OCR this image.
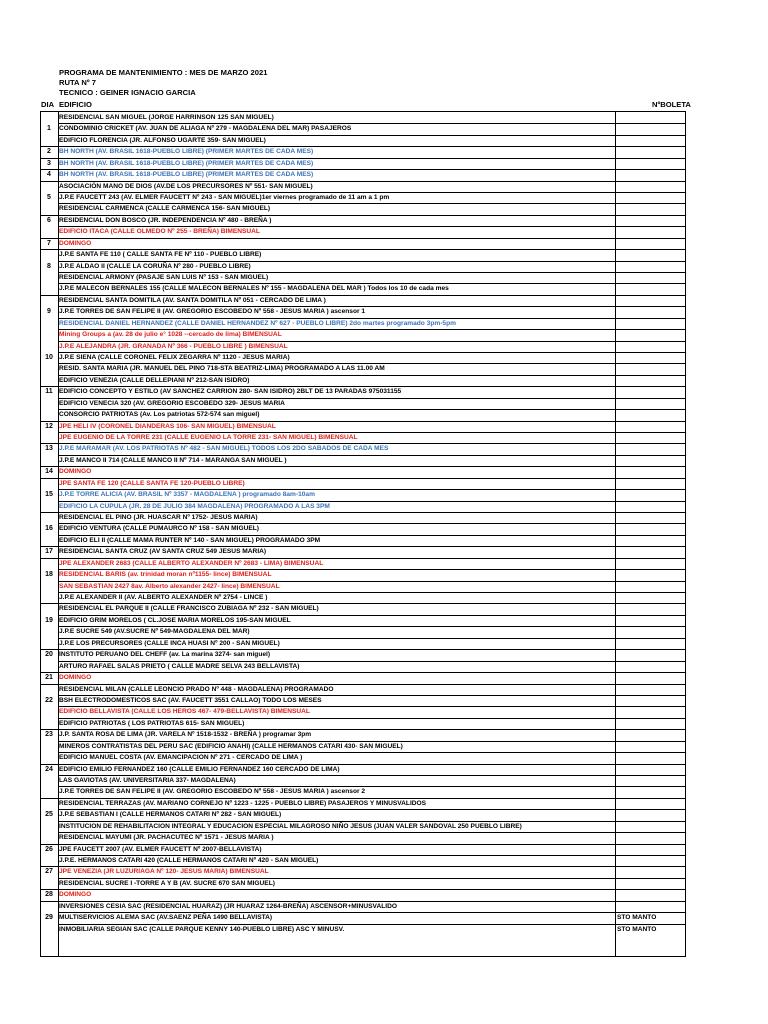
PROGRAMA DE MANTENIMIENTO : MES DE MARZO 2021
RUTA Nº 7
TECNICO : GEINER IGNACIO GARCIA
DIA EDIFICIO	NºBOLETA
RESIDENCIAL SAN MIGUEL (JORGE HARRINSON 125 SAN MIGUEL)
1	CONDOMINIO CRICKET (AV. JUAN DE ALIAGA Nº 279 - MAGDALENA DEL MAR) PASAJEROS
EDIFICIO FLORENCIA (JR. ALFONSO UGARTE 359- SAN MIGUEL)
2	BH NORTH (AV. BRASIL 1618-PUEBLO LIBRE) (PRIMER MARTES DE CADA MES)
3	BH NORTH (AV. BRASIL 1618-PUEBLO LIBRE) (PRIMER MARTES DE CADA MES)
4	BH NORTH (AV. BRASIL 1618-PUEBLO LIBRE) (PRIMER MARTES DE CADA MES)
ASOCIACIÓN MANO DE DIOS (AV.DE LOS PRECURSORES Nº 551- SAN MIGUEL)
5	J.P.E FAUCETT 243 (AV. ELMER FAUCETT Nº 243 - SAN MIGUEL)1er viernes programado de 11 am a 1 pm
RESIDENCIAL CARMENCA (CALLE CARMENCA 156- SAN MIGUEL)
6	RESIDENCIAL DON BOSCO (JR. INDEPENDENCIA Nº 480 - BREÑA )
EDIFICIO ITACA (CALLE OLMEDO Nº 255 - BREÑA) BIMENSUAL
7	DOMINGO
J.P.E SANTA FE 110 ( CALLE SANTA FE Nº 110 - PUEBLO LIBRE)
8	J.P.E ALDAO II (CALLE LA CORUÑA Nº 280 - PUEBLO LIBRE)
RESIDENCIAL ARMONY (PASAJE SAN LUIS Nº 153 - SAN MIGUEL)
J.P.E MALECON BERNALES 155 (CALLE MALECON BERNALES Nº 155 - MAGDALENA DEL MAR ) Todos los 10 de cada mes
RESIDENCIAL SANTA DOMITILA (AV. SANTA DOMITILA Nº 051 - CERCADO DE LIMA )
9	J.P.E TORRES DE SAN FELIPE II (AV. GREGORIO ESCOBEDO Nº 558 - JESUS MARIA ) ascensor 1
RESIDENCIAL DANIEL HERNANDEZ (CALLE DANIEL HERNANDEZ Nº 627 - PUEBLO LIBRE) 2do martes programado 3pm-5pm
Mining Groups a (av. 28 de julio e° 1028 --cercado de lima) BIMENSUAL
J.P.E ALEJANDRA (JR. GRANADA Nº 366 - PUEBLO LIBRE ) BIMENSUAL
10 J.P.E SIENA (CALLE CORONEL FELIX ZEGARRA Nº 1120 - JESUS MARIA)
RESID. SANTA MARIA (JR. MANUEL DEL PINO 718-STA BEATRIZ-LIMA) PROGRAMADO A LAS 11.00 AM
EDIFICIO VENEZIA (CALLE DELLEPIANI Nº 212-SAN ISIDRO)
11 EDIFICIO CONCEPTO Y ESTILO (AV SANCHEZ CARRION 280- SAN ISIDRO) 2BLT DE 13 PARADAS 975031155
EDIFICIO VENECIA 320 (AV. GREGORIO ESCOBEDO 329- JESUS MARIA
CONSORCIO PATRIOTAS (Av. Los patriotas 572-574 san miguel)
12 JPE HELI IV (CORONEL DIANDERAS 106- SAN MIGUEL) BIMENSUAL
JPE EUGENIO DE LA TORRE 231 (CALLE EUGENIO LA TORRE 231- SAN MIGUEL) BIMENSUAL
13 J.P.E MARAMAR (AV. LOS PATRIOTAS Nº 482 - SAN MIGUEL) TODOS LOS 2DO SABADOS DE CADA MES
J.P.E MANCO II 714 (CALLE MANCO II Nº 714 - MARANGA SAN MIGUEL )
14 DOMINGO
JPE SANTA FE 120 (CALLE SANTA FE 120-PUEBLO LIBRE)
15 J.P.E TORRE ALICIA (AV. BRASIL Nº 3357 - MAGDALENA ) programado 8am-10am
EDIFICIO LA CUPULA (JR. 28 DE JULIO 384 MAGDALENA) PROGRAMADO A LAS 3PM
RESIDENCIAL EL PINO (JR. HUASCAR Nº 1752- JESUS MARIA)
16 EDIFICIO VENTURA (CALLE PUMAURCO Nº 158 - SAN MIGUEL)
EDIFICIO ELI II (CALLE MAMA RUNTER Nº 140 - SAN MIGUEL) PROGRAMADO 3PM
17 RESIDENCIAL SANTA CRUZ (AV SANTA CRUZ 549 JESUS MARIA)
JPE ALEXANDER 2683 (CALLE ALBERTO ALEXANDER Nº 2683 - LIMA) BIMENSUAL
18 RESIDENCIAL BARIS (av. trinidad moran nº1155- lince) BIMENSUAL
SAN SEBASTIAN 2427 8av. Alberto alexander 2427- lince) BIMENSUAL
J.P.E ALEXANDER II (AV. ALBERTO ALEXANDER Nº 2754 - LINCE )
RESIDENCIAL EL PARQUE II (CALLE FRANCISCO ZUBIAGA Nº 232 - SAN MIGUEL)
19 EDIFICIO GRIM MORELOS ( CL.JOSE MARIA MORELOS 195-SAN MIGUEL
J.P.E SUCRE 549 (AV.SUCRE Nº 549-MAGDALENA DEL MAR)
J.P.E LOS PRECURSORES (CALLE INCA HUASI Nº 200 - SAN MIGUEL)
20 INSTITUTO PERUANO DEL CHEFF (av. La marina 3274- san miguel)
ARTURO RAFAEL SALAS PRIETO ( CALLE MADRE SELVA 243 BELLAVISTA)
21 DOMINGO
RESIDENCIAL MILAN (CALLE LEONCIO PRADO Nº 448 - MAGDALENA) PROGRAMADO
22 BSH ELECTRODOMESTICOS SAC (AV. FAUCETT 3551 CALLAO) TODO LOS MESES
EDIFICIO BELLAVISTA (CALLE LOS HEROS 467- 479-BELLAVISTA) BIMENSUAL
EDIFICIO PATRIOTAS ( LOS PATRIOTAS 615- SAN MIGUEL)
23 J.P. SANTA ROSA DE LIMA (JR. VARELA Nº 1518-1532 - BREÑA ) programar 3pm
MINEROS CONTRATISTAS DEL PERU SAC (EDIFICIO ANAHI) (CALLE HERMANOS CATARI 430- SAN MIGUEL)
EDIFICIO MANUEL COSTA (AV. EMANCIPACION Nº 271 - CERCADO DE LIMA )
24 EDIFICIO EMILIO FERNANDEZ 160 (CALLE EMILIO FERNANDEZ 160 CERCADO DE LIMA)
LAS GAVIOTAS (AV. UNIVERSITARIA 337- MAGDALENA)
J.P.E TORRES DE SAN FELIPE II (AV. GREGORIO ESCOBEDO Nº 558 - JESUS MARIA ) ascensor 2
RESIDENCIAL TERRAZAS (AV. MARIANO CORNEJO Nº 1223 - 1225 - PUEBLO LIBRE) PASAJEROS Y MINUSVALIDOS
25 J.P.E SEBASTIAN I (CALLE HERMANOS CATARI Nº 282 - SAN MIGUEL)
INSTITUCION DE REHABILITACION INTEGRAL Y EDUCACION ESPECIAL MILAGROSO NIÑO JESUS (JUAN VALER SANDOVAL 250 PUEBLO LIBRE)
RESIDENCIAL MAYUMI (JR. PACHACUTEC Nº 1571 - JESUS MARIA )
26 JPE FAUCETT 2007 (AV. ELMER FAUCETT Nº 2007-BELLAVISTA)
J.P.E. HERMANOS CATARI 420 (CALLE HERMANOS CATARI Nº 420 - SAN MIGUEL)
27 JPE VENEZIA (JR LUZURIAGA Nº 120- JESUS MARIA) BIMENSUAL
RESIDENCIAL SUCRE I -TORRE A Y B (AV. SUCRE 670 SAN MIGUEL)
28 DOMINGO
INVERSIONES CESIA SAC (RESIDENCIAL HUARAZ) (JR HUARAZ 1264-BREÑA) ASCENSOR+MINUSVALIDO
29 MULTISERVICIOS ALEMA SAC (AV.SAENZ PEÑA 1490 BELLAVISTA)	STO MANTO
INMOBILIARIA SEGIAN SAC (CALLE PARQUE KENNY 140-PUEBLO LIBRE) ASC Y MINUSV.	STO MANTO
